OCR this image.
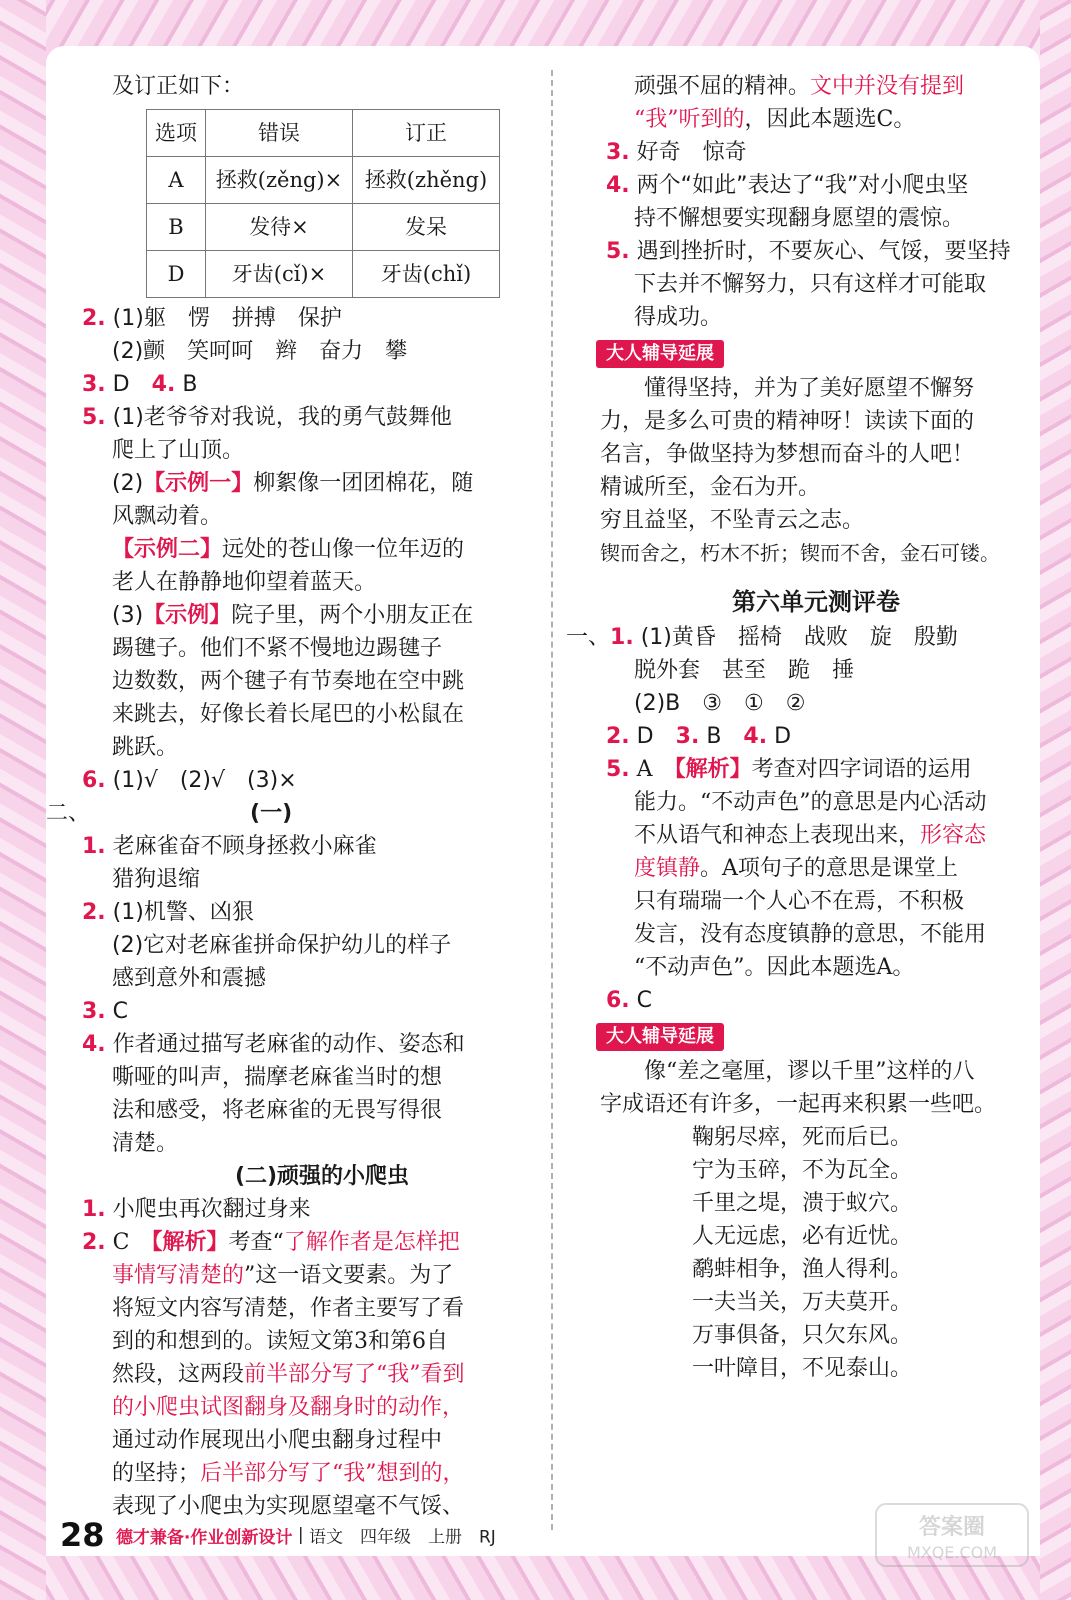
及订正如下：
选项	错误	订正
A	拯救(zěng)×	拯救(zhěng)
B	发待×	发呆
D	牙齿(cǐ)×	牙齿(chǐ)
2. (1)躯　愣　拼搏　保护
(2)颤　笑呵呵　辫　奋力　攀
3. D　 4. B
5. (1)老爷爷对我说，我的勇气鼓舞他
爬上了山顶。
(2)【示例一】柳絮像一团团棉花，随
风飘动着。
【示例二】远处的苍山像一位年迈的
老人在静静地仰望着蓝天。
(3)【示例】院子里，两个小朋友正在
踢毽子。他们不紧不慢地边踢毽子
边数数，两个毽子有节奏地在空中跳
来跳去，好像长着长尾巴的小松鼠在
跳跃。
6. (1)√　(2)√　(3)×
二、	(一)
1. 老麻雀奋不顾身拯救小麻雀
猎狗退缩
2. (1)机警、凶狠
(2)它对老麻雀拼命保护幼儿的样子
感到意外和震撼
3. C
4. 作者通过描写老麻雀的动作、姿态和
嘶哑的叫声，揣摩老麻雀当时的想
法和感受，将老麻雀的无畏写得很
清楚。
(二)顽强的小爬虫
1. 小爬虫再次翻过身来
2. C　 【解析】考查“了解作者是怎样把
事情写清楚的”这一语文要素。为了
将短文内容写清楚，作者主要写了看
到的和想到的。读短文第3和第6自
然段，这两段前半部分写了“我”看到
的小爬虫试图翻身及翻身时的动作，
通过动作展现出小爬虫翻身过程中
的坚持；后半部分写了“我”想到的，
表现了小爬虫为实现愿望毫不气馁、
顽强不屈的精神。文中并没有提到
“我”听到的，因此本题选C。
3. 好奇　惊奇
4. 两个“如此”表达了“我”对小爬虫坚
持不懈想要实现翻身愿望的震惊。
5. 遇到挫折时，不要灰心、气馁，要坚持
下去并不懈努力，只有这样才可能取
得成功。
大人辅导延展
懂得坚持，并为了美好愿望不懈努
力，是多么可贵的精神呀！读读下面的
名言，争做坚持为梦想而奋斗的人吧！
精诚所至，金石为开。
穷且益坚，不坠青云之志。
锲而舍之，朽木不折；锲而不舍，金石可镂。
第六单元测评卷
一、1. (1)黄昏　摇椅　战败　旋　殷勤
脱外套　甚至　跪　捶
(2)B　③　①　②
2. D　 3. B　 4. D
5. A　 【解析】考查对四字词语的运用
能力。“不动声色”的意思是内心活动
不从语气和神态上表现出来，形容态
度镇静。A项句子的意思是课堂上
只有瑞瑞一个人心不在焉，不积极
发言，没有态度镇静的意思，不能用
“不动声色”。因此本题选A。
6. C
大人辅导延展
像“差之毫厘，谬以千里”这样的八
字成语还有许多，一起再来积累一些吧。
鞠躬尽瘁，死而后已。
宁为玉碎，不为瓦全。
千里之堤，溃于蚁穴。
人无远虑，必有近忧。
鹬蚌相争，渔人得利。
一夫当关，万夫莫开。
万事俱备，只欠东风。
一叶障目，不见泰山。
28 德才兼备·作业创新设计 | 语文　四年级　上册　RJ	答案圈
MXQE.COM
